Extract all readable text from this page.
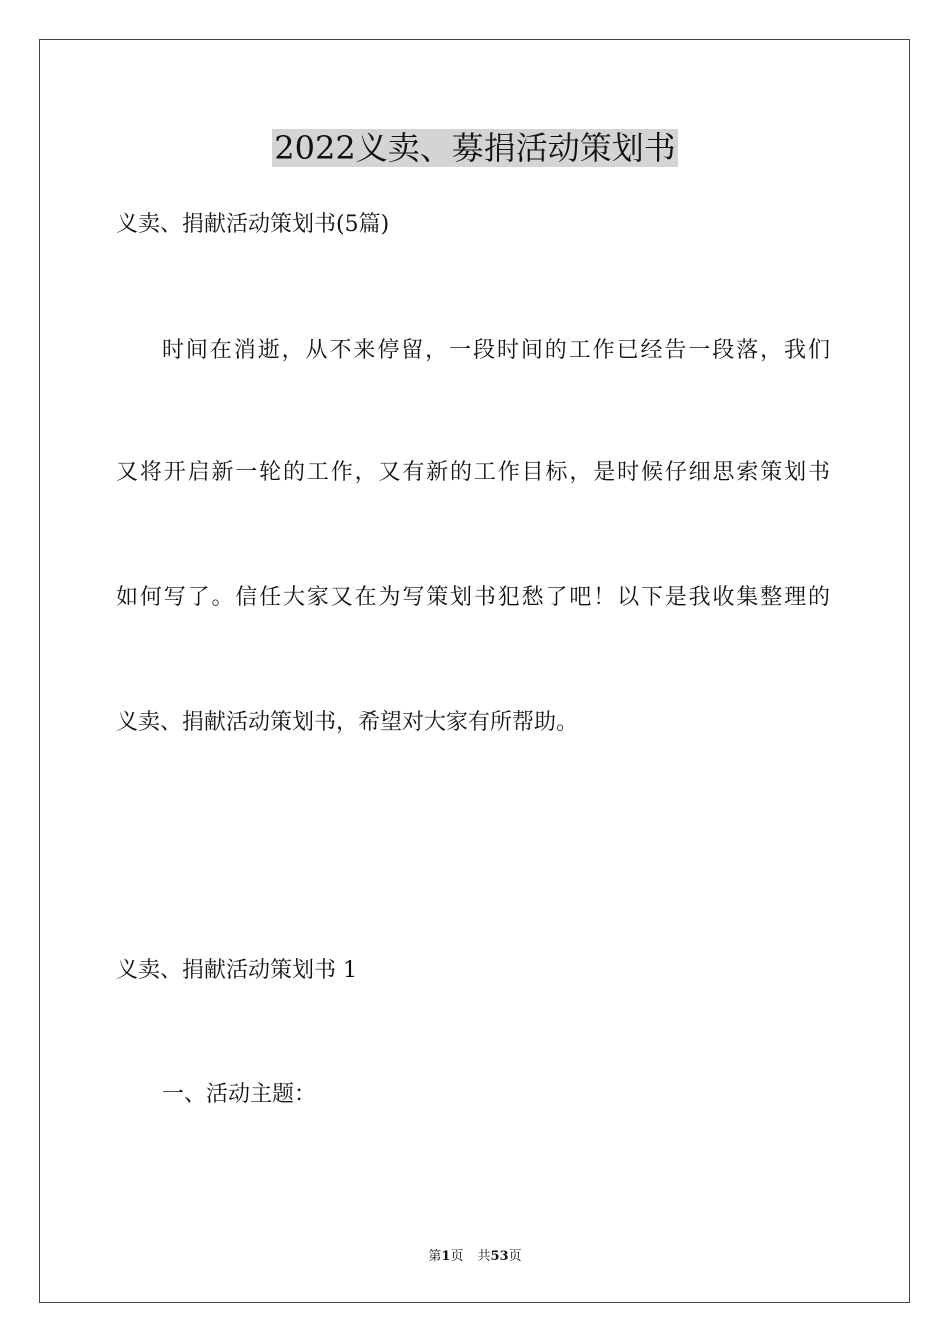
2022义卖、募捐活动策划书

义卖、捐献活动策划书(5篇)

时间在消逝，从不来停留，一段时间的工作已经告一段落，我们

又将开启新一轮的工作，又有新的工作目标，是时候仔细思索策划书

如何写了。信任大家又在为写策划书犯愁了吧！以下是我收集整理的

义卖、捐献活动策划书，希望对大家有所帮助。

义卖、捐献活动策划书 1

一、活动主题：

第1页 共53页
